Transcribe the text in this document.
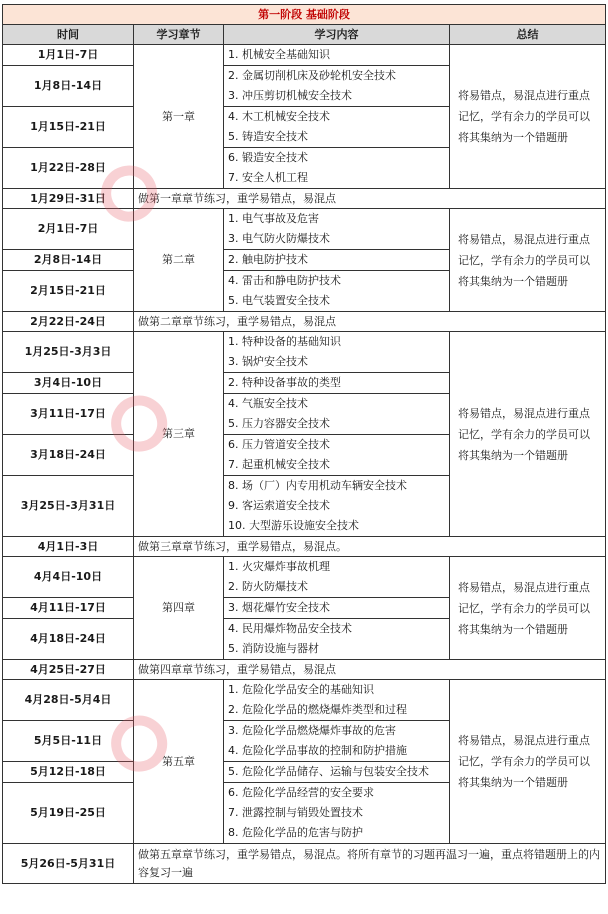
第一阶段 基础阶段			
时间	学习章节	学习内容	总结
1月1日-7日	第一章	1. 机械安全基础知识	将易错点，易混点进行重点记忆，学有余力的学员可以将其集纳为一个错题册
1月8日-14日		2. 金属切削机床及砂轮机安全技术
3. 冲压剪切机械安全技术	

1月15日-21日		4. 木工机械安全技术
5. 铸造安全技术	

1月22日-28日		6. 锻造安全技术
7. 安全人机工程	

1月29日-31日	做第一章章节练习，重学易错点，易混点		
2月1日-7日	第二章	1. 电气事故及危害
3. 电气防火防爆技术	将易错点，易混点进行重点记忆，学有余力的学员可以将其集纳为一个错题册
2月8日-14日		2. 触电防护技术	

2月15日-21日		4. 雷击和静电防护技术
5. 电气装置安全技术	

2月22日-24日	做第二章章节练习，重学易错点，易混点		
1月25日-3月3日	第三章	1. 特种设备的基础知识
3. 锅炉安全技术	将易错点，易混点进行重点记忆，学有余力的学员可以将其集纳为一个错题册
3月4日-10日		2. 特种设备事故的类型	

3月11日-17日		4. 气瓶安全技术
5. 压力容器安全技术	

3月18日-24日		6. 压力管道安全技术
7. 起重机械安全技术	

3月25日-3月31日		8. 场（厂）内专用机动车辆安全技术
9. 客运索道安全技术
10. 大型游乐设施安全技术	

4月1日-3日	做第三章章节练习，重学易错点，易混点。		
4月4日-10日	第四章	1. 火灾爆炸事故机理
2. 防火防爆技术	将易错点，易混点进行重点记忆，学有余力的学员可以将其集纳为一个错题册
4月11日-17日		3. 烟花爆竹安全技术	

4月18日-24日		4. 民用爆炸物品安全技术
5. 消防设施与器材	

4月25日-27日	做第四章章节练习，重学易错点，易混点		
4月28日-5月4日	第五章	1. 危险化学品安全的基础知识
2. 危险化学品的燃烧爆炸类型和过程	将易错点，易混点进行重点记忆，学有余力的学员可以将其集纳为一个错题册
5月5日-11日		3. 危险化学品燃烧爆炸事故的危害
4. 危险化学品事故的控制和防护措施	

5月12日-18日		5. 危险化学品储存、运输与包装安全技术	

5月19日-25日		6. 危险化学品经营的安全要求
7. 泄露控制与销毁处置技术
8. 危险化学品的危害与防护	

5月26日-5月31日	做第五章章节练习，重学易错点，易混点。将所有章节的习题再温习一遍，重点将错题册上的内容复习一遍		
